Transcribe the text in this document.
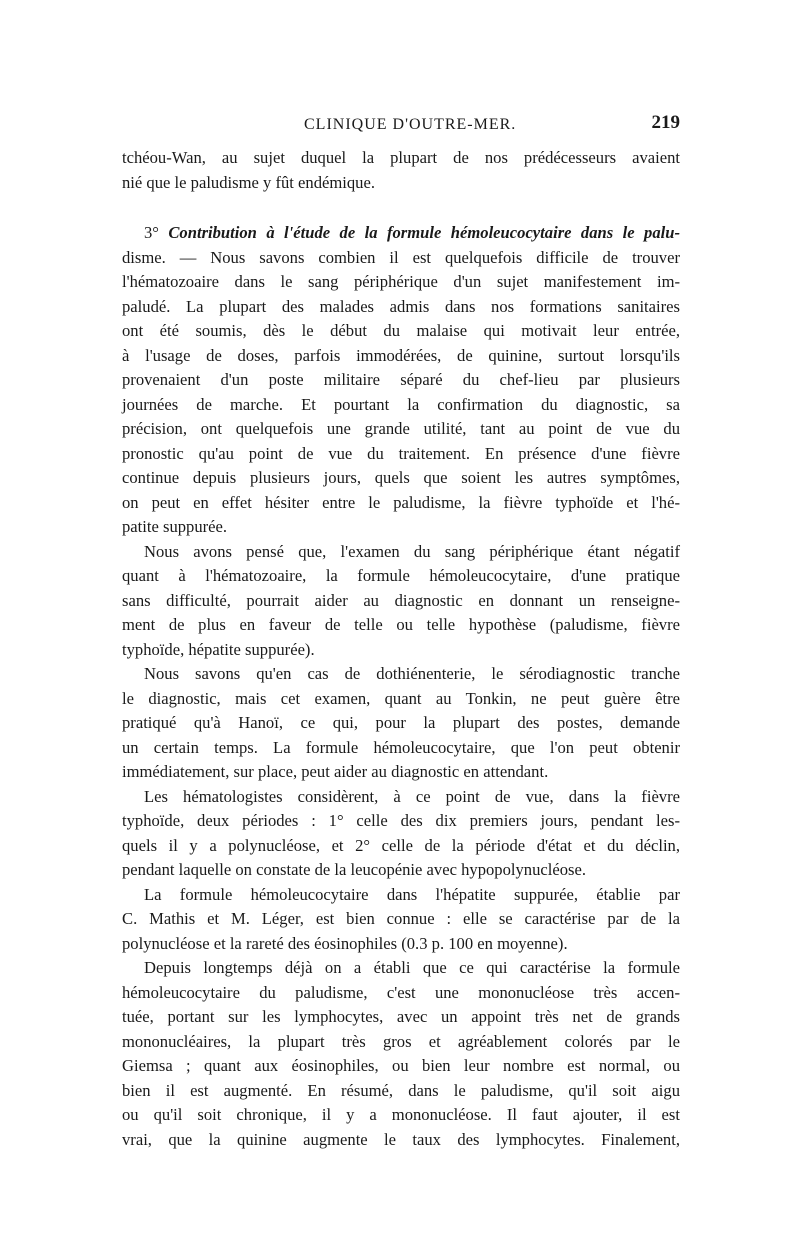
CLINIQUE D'OUTRE-MER.	219

tchéou-Wan, au sujet duquel la plupart de nos prédécesseurs avaient
nié que le paludisme y fût endémique.

3° Contribution à l'étude de la formule hémoleucocytaire dans le palu-
disme. — Nous savons combien il est quelquefois difficile de trouver
l'hématozoaire dans le sang périphérique d'un sujet manifestement im-
paludé. La plupart des malades admis dans nos formations sanitaires
ont été soumis, dès le début du malaise qui motivait leur entrée,
à l'usage de doses, parfois immodérées, de quinine, surtout lorsqu'ils
provenaient d'un poste militaire séparé du chef-lieu par plusieurs
journées de marche. Et pourtant la confirmation du diagnostic, sa
précision, ont quelquefois une grande utilité, tant au point de vue du
pronostic qu'au point de vue du traitement. En présence d'une fièvre
continue depuis plusieurs jours, quels que soient les autres symptômes,
on peut en effet hésiter entre le paludisme, la fièvre typhoïde et l'hé-
patite suppurée.

Nous avons pensé que, l'examen du sang périphérique étant négatif
quant à l'hématozoaire, la formule hémoleucocytaire, d'une pratique
sans difficulté, pourrait aider au diagnostic en donnant un renseigne-
ment de plus en faveur de telle ou telle hypothèse (paludisme, fièvre
typhoïde, hépatite suppurée).

Nous savons qu'en cas de dothiénenterie, le sérodiagnostic tranche
le diagnostic, mais cet examen, quant au Tonkin, ne peut guère être
pratiqué qu'à Hanoï, ce qui, pour la plupart des postes, demande
un certain temps. La formule hémoleucocytaire, que l'on peut obtenir
immédiatement, sur place, peut aider au diagnostic en attendant.

Les hématologistes considèrent, à ce point de vue, dans la fièvre
typhoïde, deux périodes : 1° celle des dix premiers jours, pendant les-
quels il y a polynucléose, et 2° celle de la période d'état et du déclin,
pendant laquelle on constate de la leucopénie avec hypopolynucléose.

La formule hémoleucocytaire dans l'hépatite suppurée, établie par
C. Mathis et M. Léger, est bien connue : elle se caractérise par de la
polynucléose et la rareté des éosinophiles (0.3 p. 100 en moyenne).

Depuis longtemps déjà on a établi que ce qui caractérise la formule
hémoleucocytaire du paludisme, c'est une mononucléose très accen-
tuée, portant sur les lymphocytes, avec un appoint très net de grands
mononucléaires, la plupart très gros et agréablement colorés par le
Giemsa ; quant aux éosinophiles, ou bien leur nombre est normal, ou
bien il est augmenté. En résumé, dans le paludisme, qu'il soit aigu
ou qu'il soit chronique, il y a mononucléose. Il faut ajouter, il est
vrai, que la quinine augmente le taux des lymphocytes. Finalement,
